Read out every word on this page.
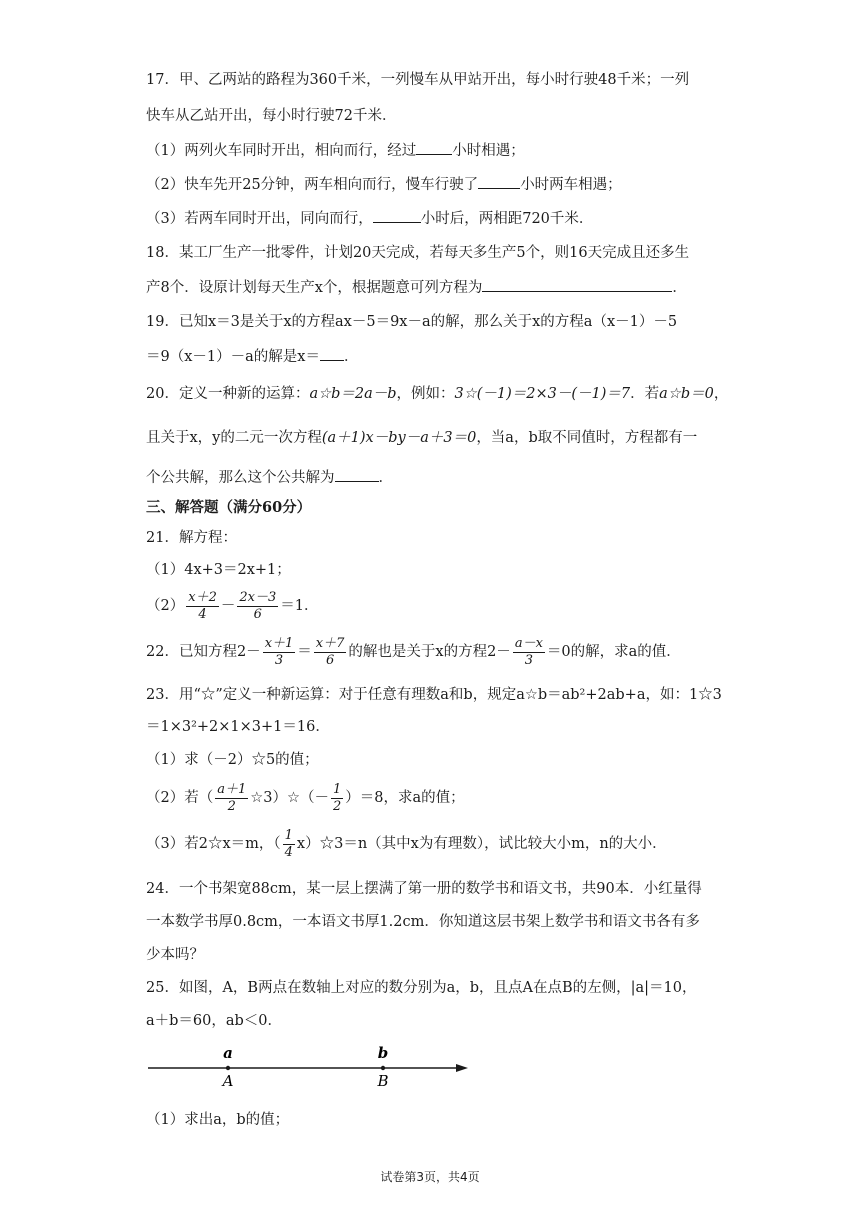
17．甲、乙两站的路程为360千米，一列慢车从甲站开出，每小时行驶48千米；一列
快车从乙站开出，每小时行驶72千米．
（1）两列火车同时开出，相向而行，经过 小时相遇；
（2）快车先开25分钟，两车相向而行，慢车行驶了	小时两车相遇；
（3）若两车同时开出，同向而行，	小时后，两相距720千米．
18．某工厂生产一批零件，计划20天完成，若每天多生产5个，则16天完成且还多生
产8个．设原计划每天生产x个，根据题意可列方程为	．
19．已知x＝3是关于x的方程ax－5＝9x－a的解，那么关于x的方程a（x－1）－5
＝9（x－1）－a的解是x＝ ．
20．定义一种新的运算：a☆b＝2a－b，例如：3☆(－1)＝2×3－(－1)＝7．若a☆b＝0，
且关于x，y的二元一次方程(a＋1)x－by－a＋3＝0，当a，b取不同值时，方程都有一
个公共解，那么这个公共解为	．
三、解答题（满分60分）
21．解方程：
（1）4x+3＝2x+1；
$(2) \frac{x+2}{4} - \frac{2x-3}{6} =1$．
22．已知方程$2- \frac{x+1}{3} = \frac{x+7}{6}$ 的解也是关于x的方程$2- \frac{a-x}{3} =0$的解，求a的值．
23．用“☆”定义一种新运算：对于任意有理数a和b，规定a☆b＝ab²+2ab+a，如：1☆3
＝1×3²+2×1×3+1＝16．
（1）求（－2）☆5的值；
（2）若（ $\frac{a+1}{2}$ ☆3）☆（－ $\frac{1}{2} )=8$，求a的值；
（3）若2☆x＝m，（ $\frac{1}{4}$ x）☆3＝n（其中x为有理数），试比较大小m，n的大小．
24．一个书架宽88cm，某一层上摆满了第一册的数学书和语文书，共90本．小红量得
一本数学书厚0.8cm，一本语文书厚1.2cm．你知道这层书架上数学书和语文书各有多
少本吗？
25．如图，A，B两点在数轴上对应的数分别为a，b，且点A在点B的左侧，|a|＝10，
a＋b＝60，ab＜0．
a	b
A	B
（1）求出a，b的值；
试卷第3页，共4页
